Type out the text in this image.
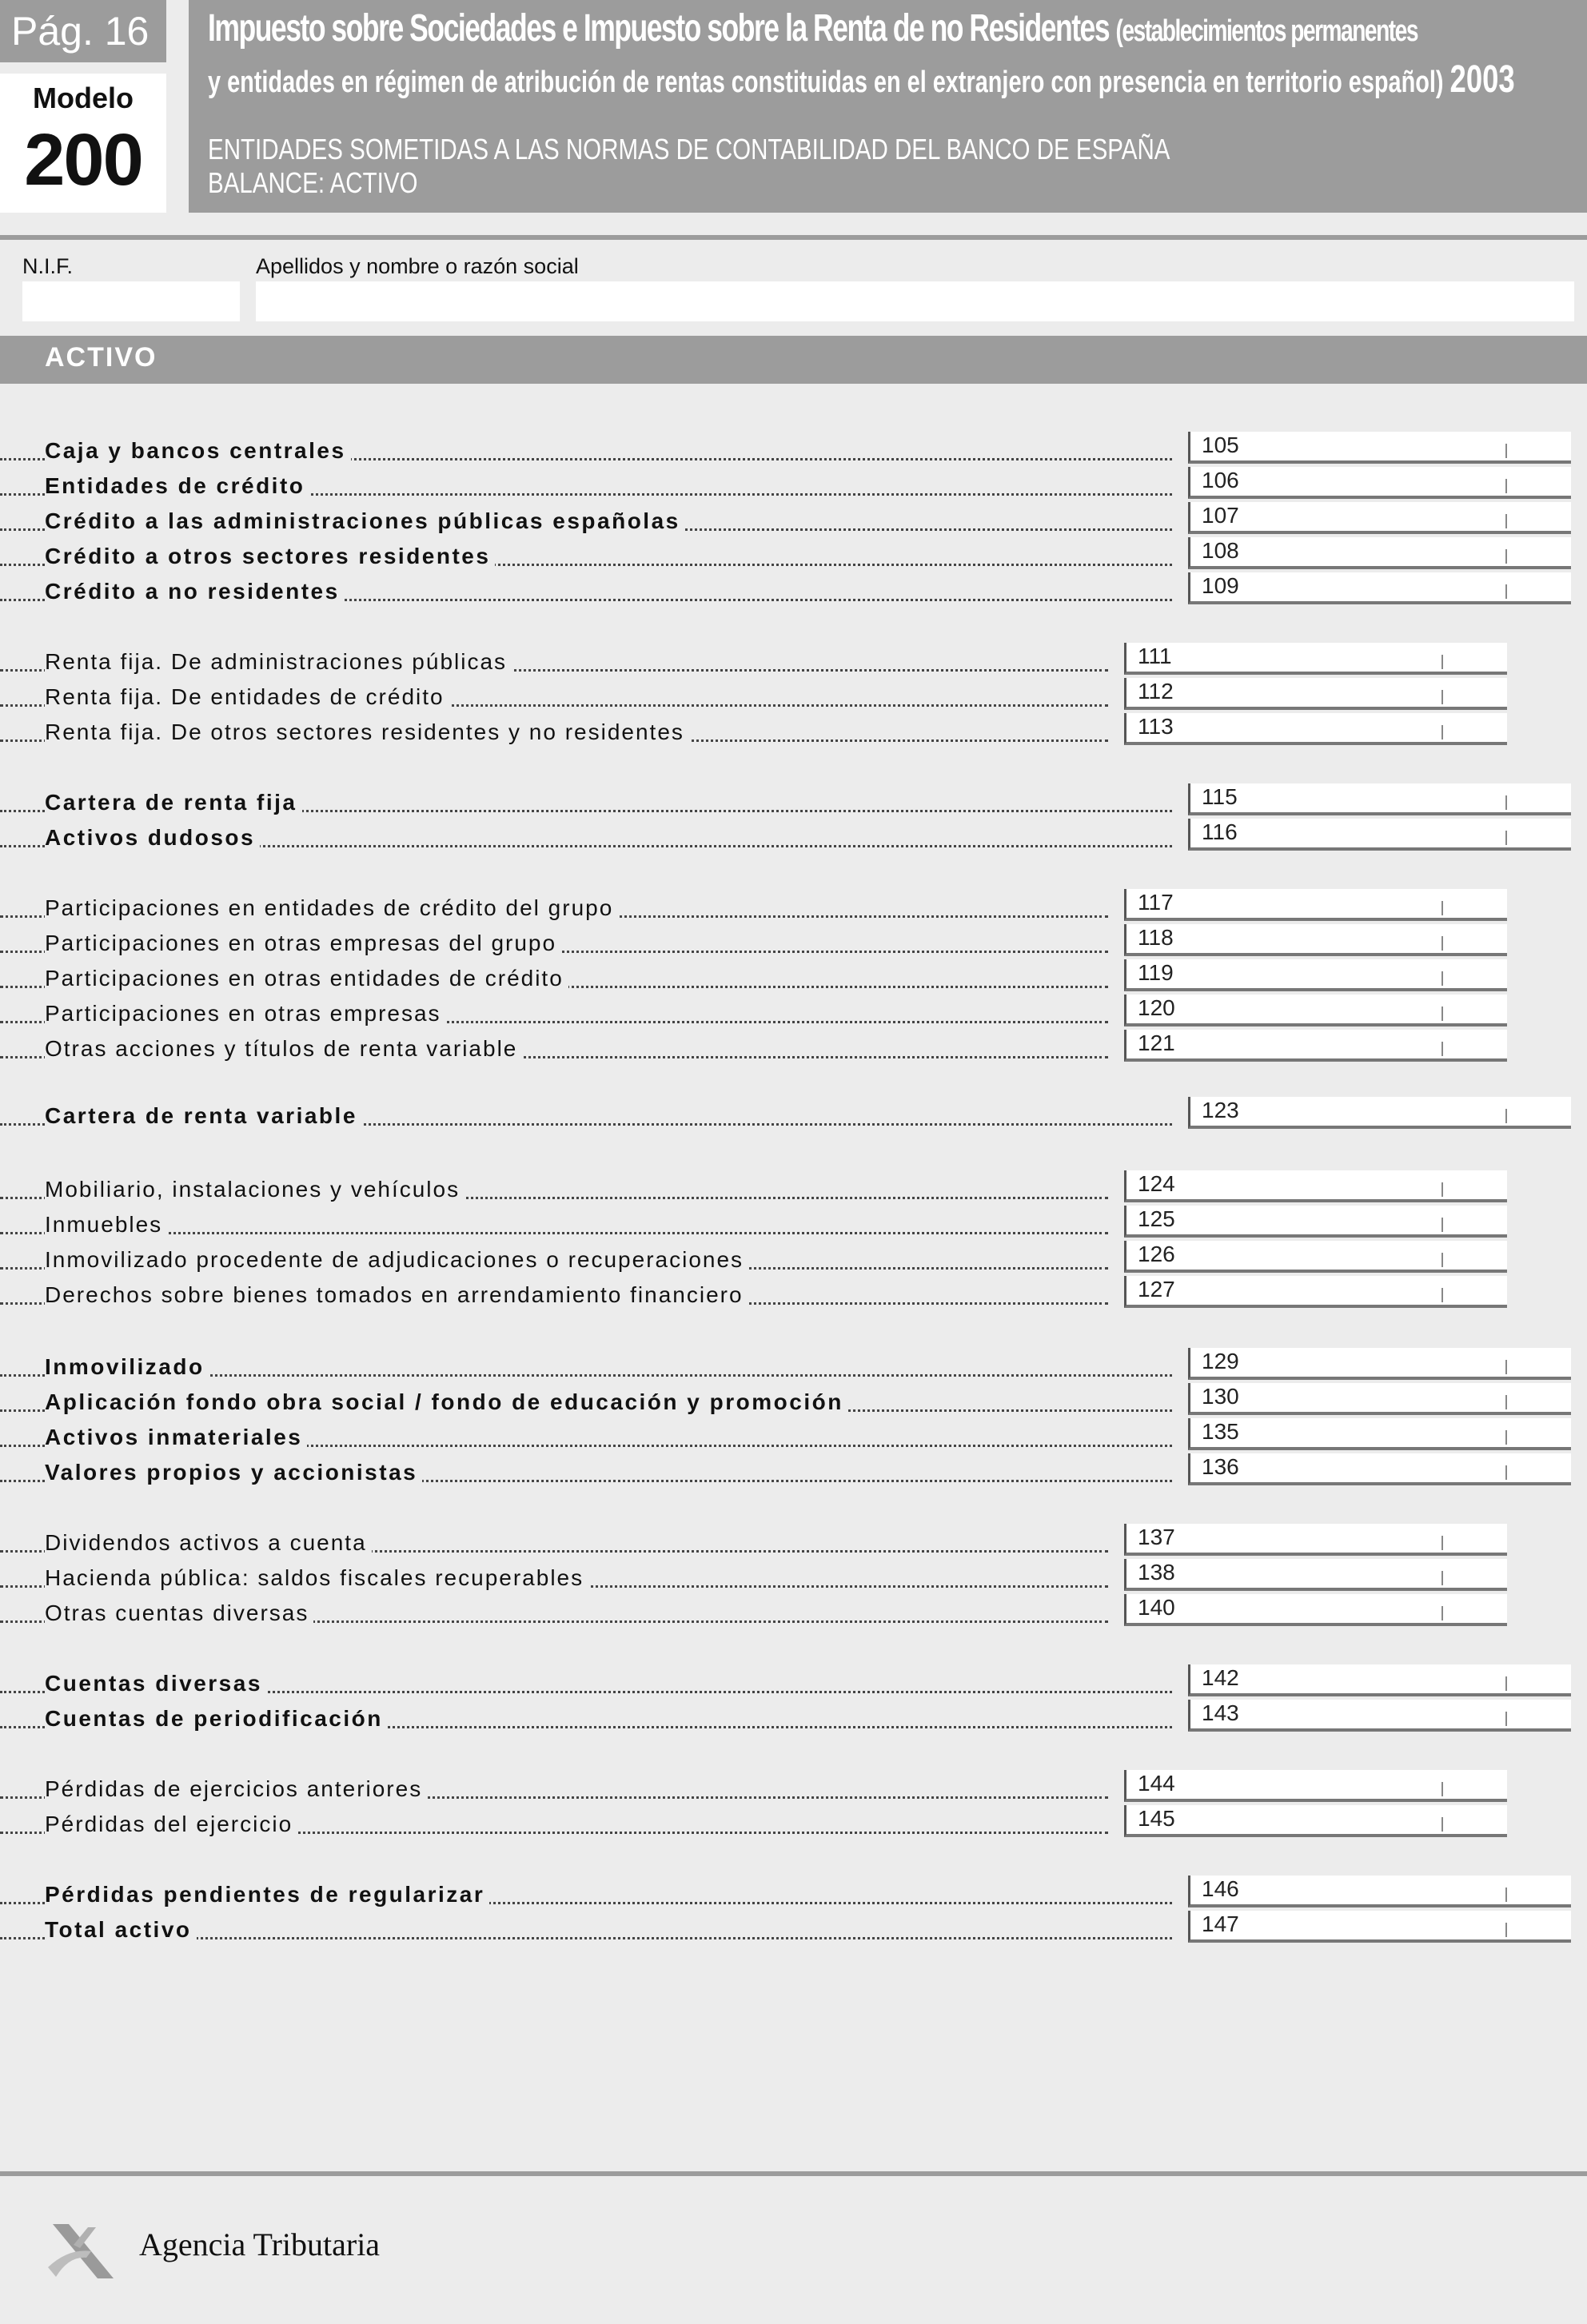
Pág. 16
Modelo
200
Impuesto sobre Sociedades e Impuesto sobre la Renta de no Residentes (establecimientos permanentes
y entidades en régimen de atribución de rentas constituidas en el extranjero con presencia en territorio español) 2003
ENTIDADES SOMETIDAS A LAS NORMAS DE CONTABILIDAD DEL BANCO DE ESPAÑA
BALANCE: ACTIVO
N.I.F.	Apellidos y nombre o razón social
ACTIVO
Caja y bancos centrales	105
Entidades de crédito	106
Crédito a las administraciones públicas españolas	107
Crédito a otros sectores residentes	108
Crédito a no residentes	109
Renta fija. De administraciones públicas	111
Renta fija. De entidades de crédito	112
Renta fija. De otros sectores residentes y no residentes	113
Cartera de renta fija	115
Activos dudosos	116
Participaciones en entidades de crédito del grupo	117
Participaciones en otras empresas del grupo	118
Participaciones en otras entidades de crédito	119
Participaciones en otras empresas	120
Otras acciones y títulos de renta variable	121
Cartera de renta variable	123
Mobiliario, instalaciones y vehículos	124
Inmuebles	125
Inmovilizado procedente de adjudicaciones o recuperaciones	126
Derechos sobre bienes tomados en arrendamiento financiero	127
Inmovilizado	129
Aplicación fondo obra social / fondo de educación y promoción	130
Activos inmateriales	135
Valores propios y accionistas	136
Dividendos activos a cuenta	137
Hacienda pública: saldos fiscales recuperables	138
Otras cuentas diversas	140
Cuentas diversas	142
Cuentas de periodificación	143
Pérdidas de ejercicios anteriores	144
Pérdidas del ejercicio	145
Pérdidas pendientes de regularizar	146
Total activo	147
Agencia Tributaria
